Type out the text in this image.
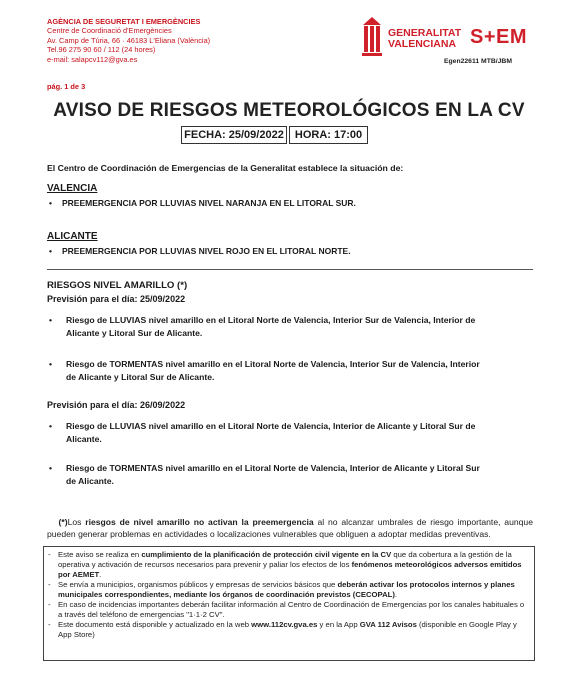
AGÈNCIA DE SEGURETAT I EMERGÈNCIES
Centre de Coordinació d'Emergències
Av. Camp de Túria, 66 · 46183 L'Eliana (València)
Tel.96 275 90 60 / 112 (24 hores)
e-mail: salapcv112@gva.es
pág. 1 de 3
GENERALITAT
VALENCIANA S+EM
Egen22611 MTB/JBM
AVISO DE RIESGOS METEOROLÓGICOS EN LA CV
FECHA: 25/09/2022	HORA: 17:00
El Centro de Coordinación de Emergencias de la Generalitat establece la situación de:
VALENCIA
• PREEMERGENCIA POR LLUVIAS NIVEL NARANJA EN EL LITORAL SUR.
ALICANTE
• PREEMERGENCIA POR LLUVIAS NIVEL ROJO EN EL LITORAL NORTE.
RIESGOS NIVEL AMARILLO (*)
Previsión para el día: 25/09/2022
• Riesgo de LLUVIAS nivel amarillo en el Litoral Norte de Valencia, Interior Sur de Valencia, Interior de
Alicante y Litoral Sur de Alicante.
• Riesgo de TORMENTAS nivel amarillo en el Litoral Norte de Valencia, Interior Sur de Valencia, Interior
de Alicante y Litoral Sur de Alicante.
Previsión para el día: 26/09/2022
• Riesgo de LLUVIAS nivel amarillo en el Litoral Norte de Valencia, Interior de Alicante y Litoral Sur de
Alicante.
• Riesgo de TORMENTAS nivel amarillo en el Litoral Norte de Valencia, Interior de Alicante y Litoral Sur
de Alicante.
(*)Los riesgos de nivel amarillo no activan la preemergencia al no alcanzar umbrales de riesgo importante, aunque pueden generar problemas en actividades o localizaciones vulnerables que obliguen a adoptar medidas preventivas.
- Este aviso se realiza en cumplimiento de la planificación de protección civil vigente en la CV que da cobertura a la gestión de la operativa y activación de recursos necesarios para prevenir y paliar los efectos de los fenómenos meteorológicos adversos emitidos por AEMET.
- Se envía a municipios, organismos públicos y empresas de servicios básicos que deberán activar los protocolos internos y planes municipales correspondientes, mediante los órganos de coordinación previstos (CECOPAL).
- En caso de incidencias importantes deberán facilitar información al Centro de Coordinación de Emergencias por los canales habituales o a través del teléfono de emergencias "1·1·2 CV".
- Este documento está disponible y actualizado en la web www.112cv.gva.es y en la App GVA 112 Avisos (disponible en Google Play y App Store)
